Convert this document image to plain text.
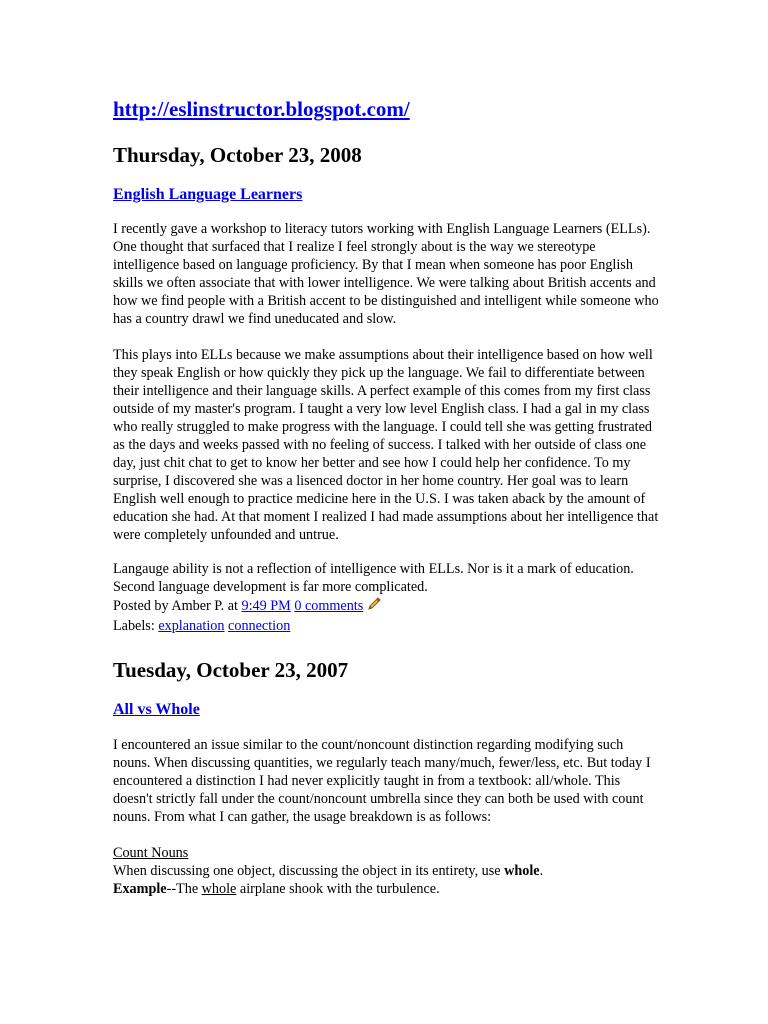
http://eslinstructor.blogspot.com/
Thursday, October 23, 2008
English Language Learners

I recently gave a workshop to literacy tutors working with English Language Learners (ELLs). One thought that surfaced that I realize I feel strongly about is the way we stereotype intelligence based on language proficiency. By that I mean when someone has poor English skills we often associate that with lower intelligence. We were talking about British accents and how we find people with a British accent to be distinguished and intelligent while someone who has a country drawl we find uneducated and slow.

This plays into ELLs because we make assumptions about their intelligence based on how well they speak English or how quickly they pick up the language. We fail to differentiate between their intelligence and their language skills. A perfect example of this comes from my first class outside of my master's program. I taught a very low level English class. I had a gal in my class who really struggled to make progress with the language. I could tell she was getting frustrated as the days and weeks passed with no feeling of success. I talked with her outside of class one day, just chit chat to get to know her better and see how I could help her confidence. To my surprise, I discovered she was a lisenced doctor in her home country. Her goal was to learn English well enough to practice medicine here in the U.S. I was taken aback by the amount of education she had. At that moment I realized I had made assumptions about her intelligence that were completely unfounded and untrue.

Langauge ability is not a reflection of intelligence with ELLs. Nor is it a mark of education. Second language development is far more complicated.

Posted by Amber P. at 9:49 PM 0 comments
Labels: explanation connection
Tuesday, October 23, 2007
All vs Whole

I encountered an issue similar to the count/noncount distinction regarding modifying such nouns. When discussing quantities, we regularly teach many/much, fewer/less, etc. But today I encountered a distinction I had never explicitly taught in from a textbook: all/whole. This doesn't strictly fall under the count/noncount umbrella since they can both be used with count nouns. From what I can gather, the usage breakdown is as follows:

Count Nouns
When discussing one object, discussing the object in its entirety, use whole.
Example--The whole airplane shook with the turbulence.
